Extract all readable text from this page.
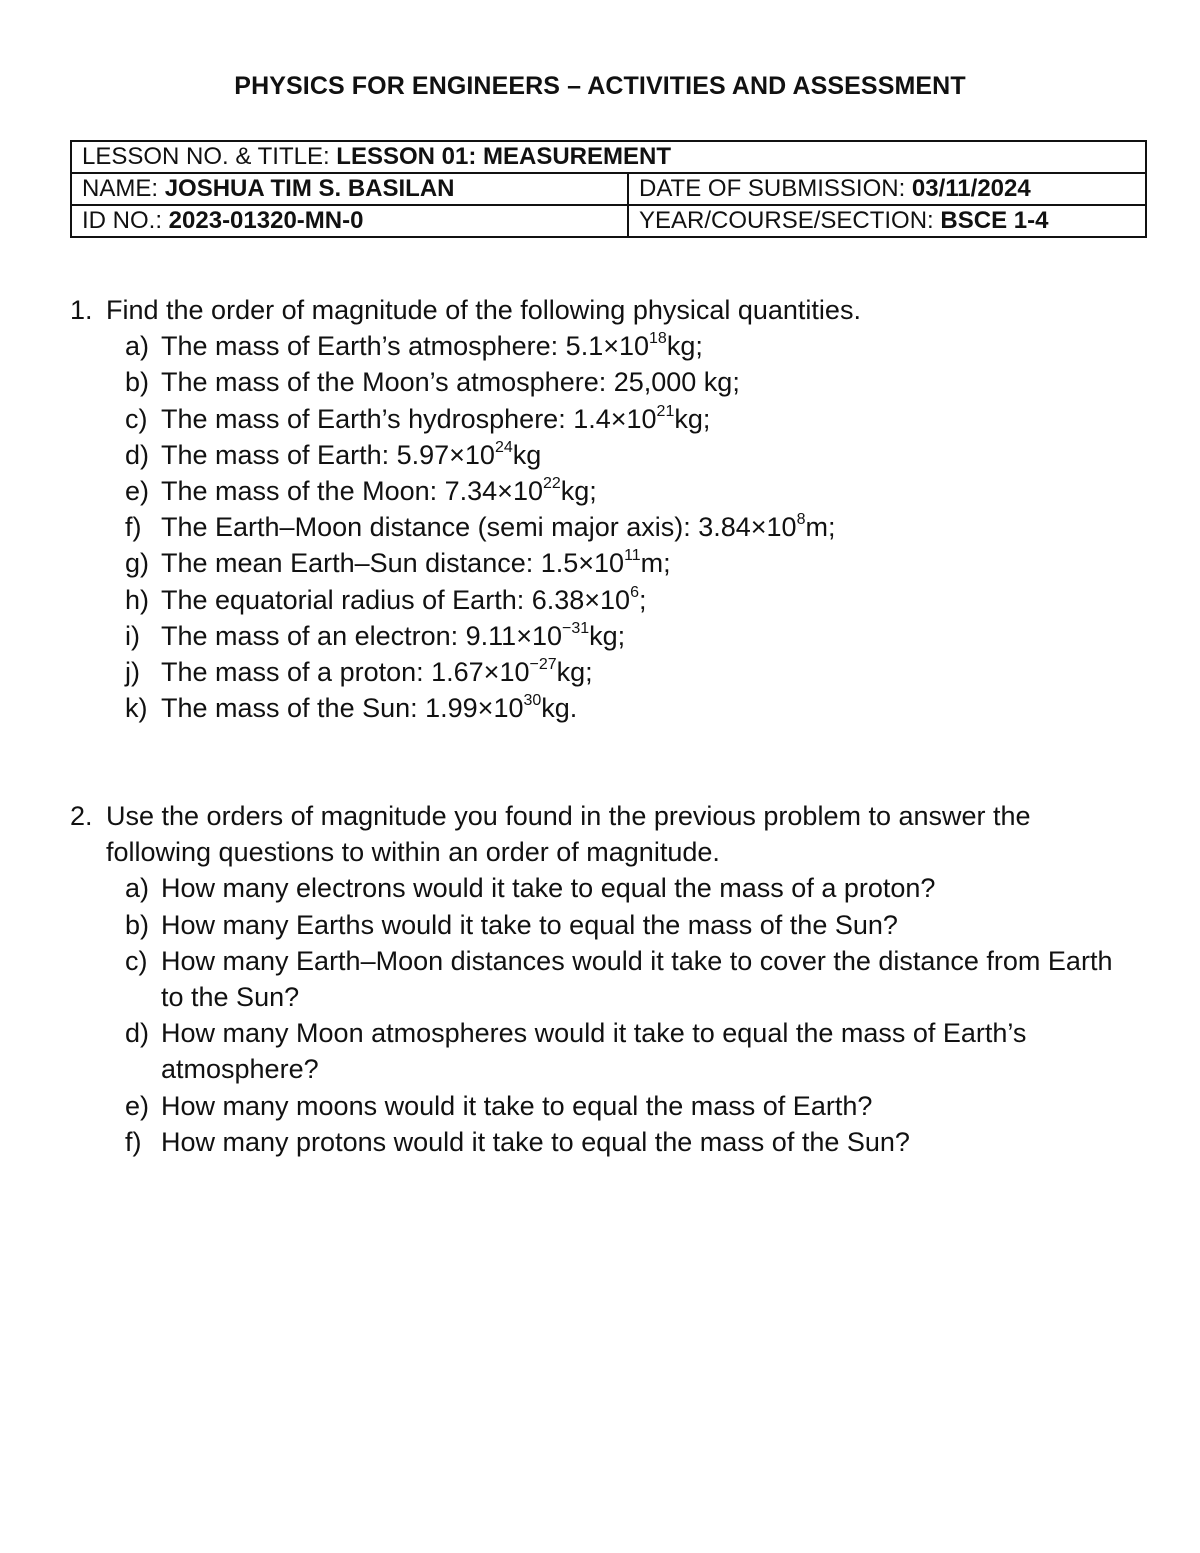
PHYSICS FOR ENGINEERS – ACTIVITIES AND ASSESSMENT
LESSON NO. & TITLE: LESSON 01: MEASUREMENT	
NAME: JOSHUA TIM S. BASILAN	DATE OF SUBMISSION: 03/11/2024
ID NO.: 2023-01320-MN-0	YEAR/COURSE/SECTION: BSCE 1-4
1. Find the order of magnitude of the following physical quantities.
a) The mass of Earth’s atmosphere: $5.1\times 10^{18}kg$;
b) The mass of the Moon’s atmosphere: 25,000 kg;
c) The mass of Earth’s hydrosphere: $1.4\times 10^{21}kg$;
d) The mass of Earth: $5.97\times 10^{24}kg$
e) The mass of the Moon: $7.34\times 10^{22}kg$;
f) The Earth–Moon distance (semi major axis): $3.84\times 10^8m$;
g) The mean Earth–Sun distance: $1.5\times 10^{11}m$;
h) The equatorial radius of Earth: $6.38\times 10^6$;
i) The mass of an electron: $9.11\times 10^{-31}kg$;
j) The mass of a proton: $1.67\times 10^{-27}kg$;
k) The mass of the Sun: $1.99\times 10^{30}kg$.
2. Use the orders of magnitude you found in the previous problem to answer the following questions to within an order of magnitude.
a) How many electrons would it take to equal the mass of a proton?
b) How many Earths would it take to equal the mass of the Sun?
c) How many Earth–Moon distances would it take to cover the distance from Earth to the Sun?
d) How many Moon atmospheres would it take to equal the mass of Earth’s atmosphere?
e) How many moons would it take to equal the mass of Earth?
f) How many protons would it take to equal the mass of the Sun?
